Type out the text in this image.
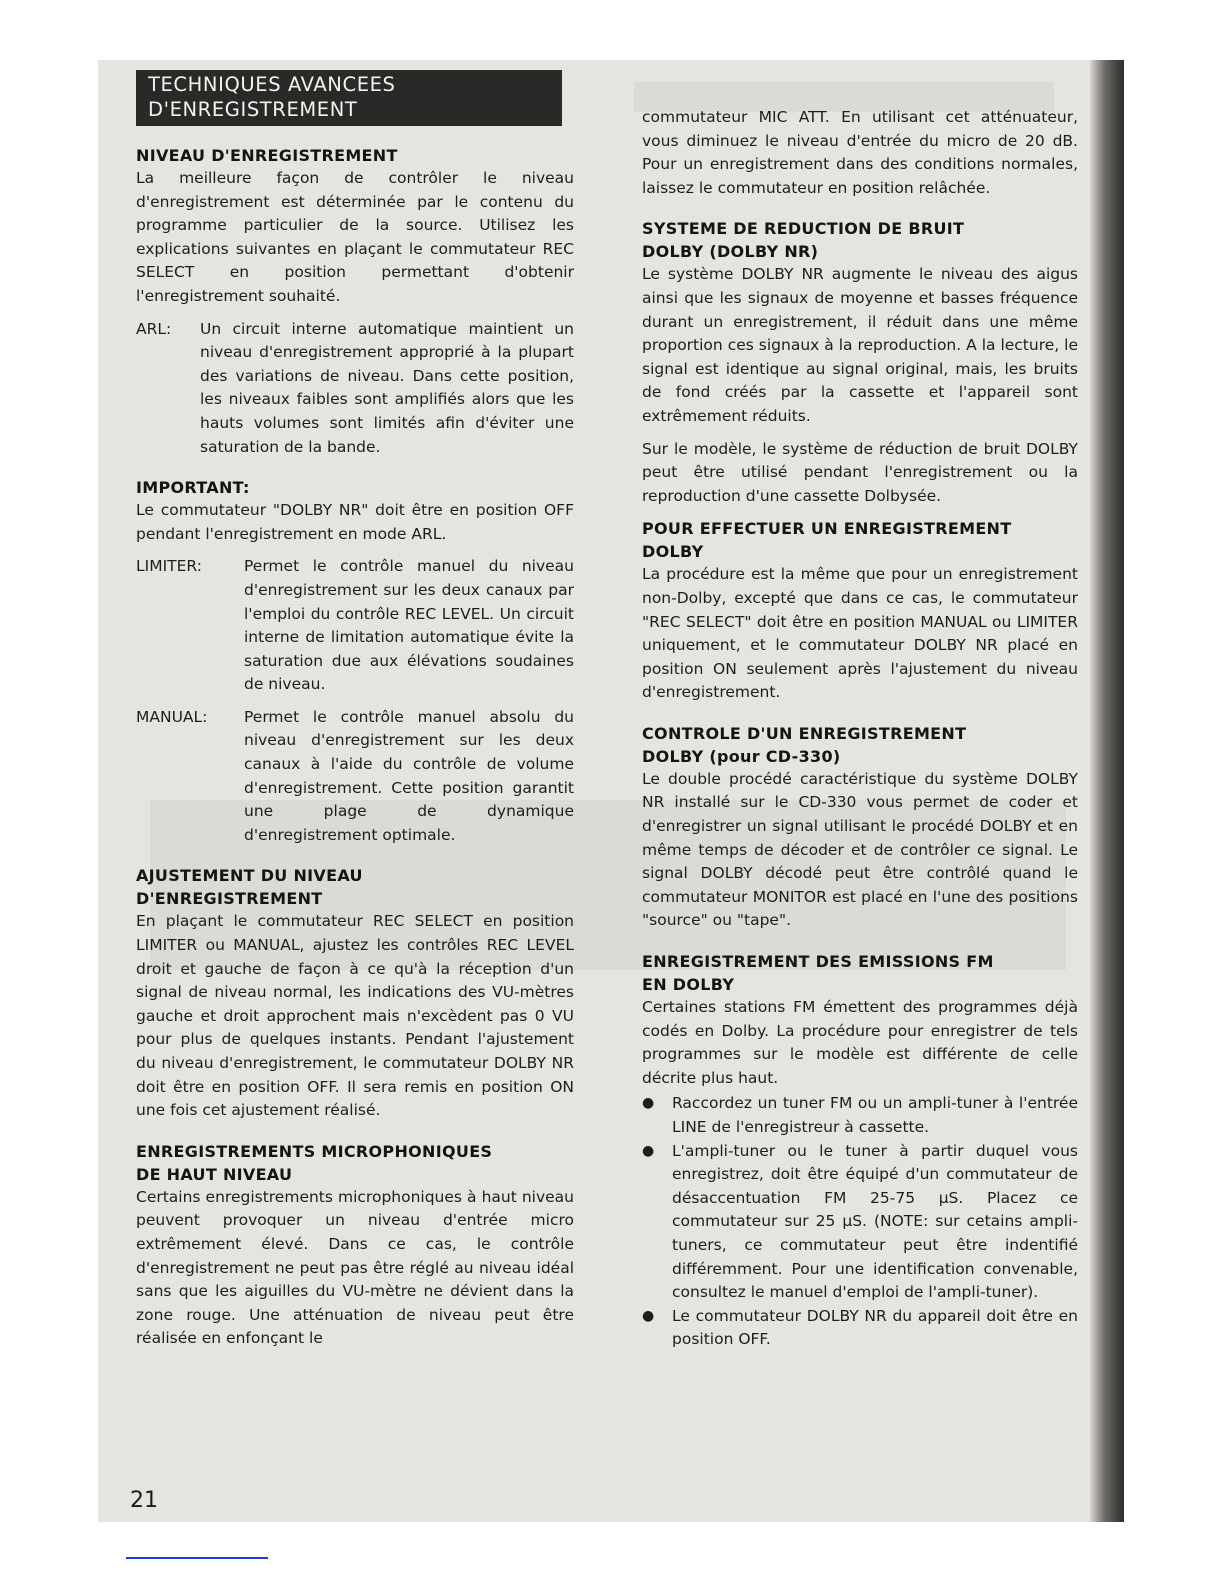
TECHNIQUES AVANCEES
D'ENREGISTREMENT
NIVEAU D'ENREGISTREMENT

La meilleure façon de contrôler le niveau d'enregistrement est déterminée par le contenu du programme particulier de la source. Utilisez les explications suivantes en plaçant le commutateur REC SELECT en position permettant d'obtenir l'enregistrement souhaité.

ARL:	Un circuit interne automatique maintient un niveau d'enregistrement approprié à la plupart des variations de niveau. Dans cette position, les niveaux faibles sont amplifiés alors que les hauts volumes sont limités afin d'éviter une saturation de la bande.
IMPORTANT:

Le commutateur "DOLBY NR" doit être en position OFF pendant l'enregistrement en mode ARL.

LIMITER:	Permet le contrôle manuel du niveau d'enregistrement sur les deux canaux par l'emploi du contrôle REC LEVEL. Un circuit interne de limitation automatique évite la saturation due aux élévations soudaines de niveau.
MANUAL:	Permet le contrôle manuel absolu du niveau d'enregistrement sur les deux canaux à l'aide du contrôle de volume d'enregistrement. Cette position garantit une plage de dynamique d'enregistrement optimale.
AJUSTEMENT DU NIVEAU
D'ENREGISTREMENT

En plaçant le commutateur REC SELECT en position LIMITER ou MANUAL, ajustez les contrôles REC LEVEL droit et gauche de façon à ce qu'à la réception d'un signal de niveau normal, les indications des VU-mètres gauche et droit approchent mais n'excèdent pas 0 VU pour plus de quelques instants. Pendant l'ajustement du niveau d'enregistrement, le commutateur DOLBY NR doit être en position OFF. Il sera remis en position ON une fois cet ajustement réalisé.

ENREGISTREMENTS MICROPHONIQUES
DE HAUT NIVEAU

Certains enregistrements microphoniques à haut niveau peuvent provoquer un niveau d'entrée micro extrêmement élevé. Dans ce cas, le contrôle d'enregistrement ne peut pas être réglé au niveau idéal sans que les aiguilles du VU-mètre ne dévient dans la zone rouge. Une atténuation de niveau peut être réalisée en enfonçant le

commutateur MIC ATT. En utilisant cet atténuateur, vous diminuez le niveau d'entrée du micro de 20 dB. Pour un enregistrement dans des conditions normales, laissez le commutateur en position relâchée.

SYSTEME DE REDUCTION DE BRUIT
DOLBY (DOLBY NR)

Le système DOLBY NR augmente le niveau des aigus ainsi que les signaux de moyenne et basses fréquence durant un enregistrement, il réduit dans une même proportion ces signaux à la reproduction. A la lecture, le signal est identique au signal original, mais, les bruits de fond créés par la cassette et l'appareil sont extrêmement réduits.

Sur le modèle, le système de réduction de bruit DOLBY peut être utilisé pendant l'enregistrement ou la reproduction d'une cassette Dolbysée.

POUR EFFECTUER UN ENREGISTREMENT
DOLBY

La procédure est la même que pour un enregistrement non-Dolby, excepté que dans ce cas, le commutateur "REC SELECT" doit être en position MANUAL ou LIMITER uniquement, et le commutateur DOLBY NR placé en position ON seulement après l'ajustement du niveau d'enregistrement.

CONTROLE D'UN ENREGISTREMENT
DOLBY (pour CD-330)

Le double procédé caractéristique du système DOLBY NR installé sur le CD-330 vous permet de coder et d'enregistrer un signal utilisant le procédé DOLBY et en même temps de décoder et de contrôler ce signal. Le signal DOLBY décodé peut être contrôlé quand le commutateur MONITOR est placé en l'une des positions "source" ou "tape".

ENREGISTREMENT DES EMISSIONS FM
EN DOLBY

Certaines stations FM émettent des programmes déjà codés en Dolby. La procédure pour enregistrer de tels programmes sur le modèle est différente de celle décrite plus haut.

● Raccordez un tuner FM ou un ampli-tuner à l'entrée LINE de l'enregistreur à cassette.
● L'ampli-tuner ou le tuner à partir duquel vous enregistrez, doit être équipé d'un commutateur de désaccentuation FM 25-75 µS. Placez ce commutateur sur 25 µS. (NOTE: sur cetains ampli-tuners, ce commutateur peut être indentifié différemment. Pour une identification convenable, consultez le manuel d'emploi de l'ampli-tuner).
● Le commutateur DOLBY NR du appareil doit être en position OFF.
21
